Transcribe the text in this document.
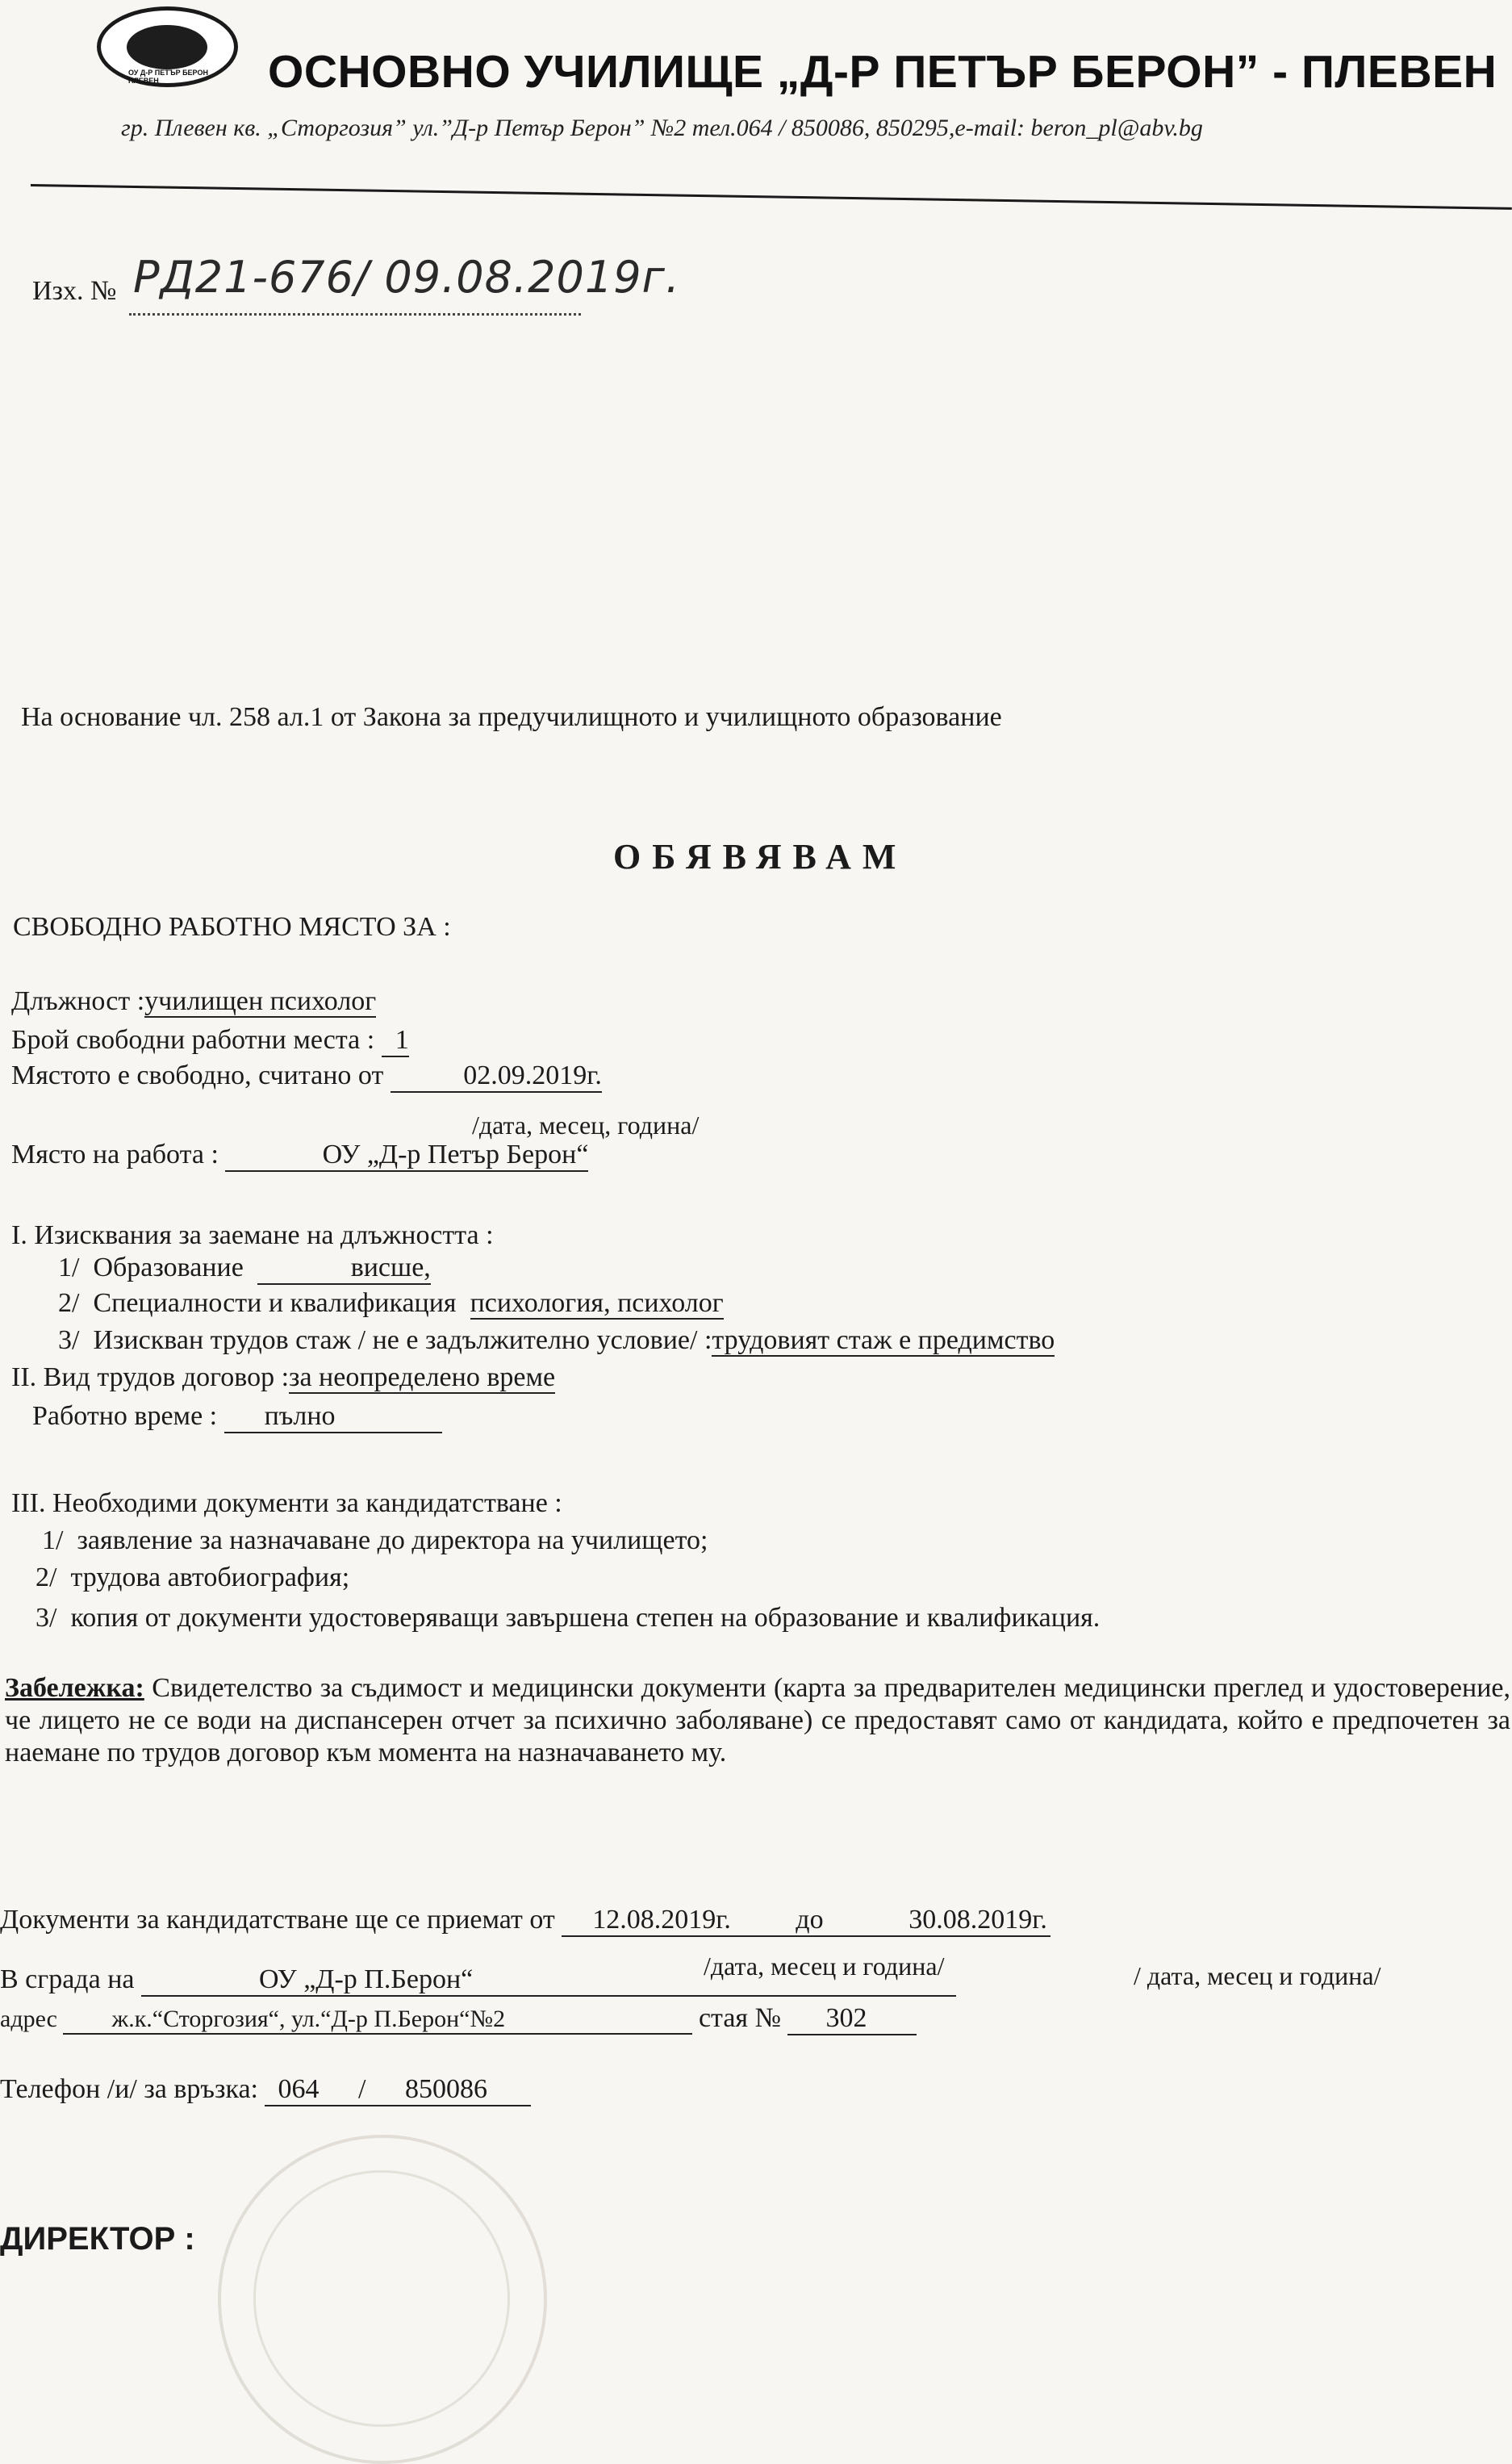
ОУ Д-Р ПЕТЪР БЕРОН ПЛЕВЕН	ОСНОВНО УЧИЛИЩЕ „Д-Р ПЕТЪР БЕРОН” - ПЛЕВЕН
гр. Плевен кв. „Сторгозия” ул.”Д-р Петър Берон” №2 тел.064 / 850086, 850295,e-mail: beron_pl@abv.bg
Изх. № РД21-676/ 09.08.2019г.
На основание чл. 258 ал.1 от Закона за предучилищното и училищното образование
ОБЯВЯВАМ
СВОБОДНО РАБОТНО МЯСТО ЗА :
Длъжност :училищен психолог
Брой свободни работни места : 1
Мястото е свободно, считано от	02.09.2019г.
/дата, месец, година/
Място на работа :	ОУ „Д-р Петър Берон“
I. Изисквания за заемане на длъжността :
1/ Образование	висше,
2/ Специалности и квалификация психология, психолог
3/ Изискван трудов стаж / не е задължително условие/ :трудовият стаж е предимство
II. Вид трудов договор :за неопределено време
Работно време : пълно
III. Необходими документи за кандидатстване :
1/ заявление за назначаване до директора на училището;
2/ трудова автобиография;
3/ копия от документи удостоверяващи завършена степен на образование и квалификация.
Забележка: Свидетелство за съдимост и медицински документи (карта за предварителен медицински преглед и удостоверение, че лицето не се води на диспансерен отчет за психично заболяване) се предоставят само от кандидата, който е предпочетен за наемане по трудов договор към момента на назначаването му.
Документи за кандидатстване ще се приемат от 12.08.2019г. до	30.08.2019г.
/дата, месец и година/	/ дата, месец и година/
В сграда на	ОУ „Д-р П.Берон“
адрес ж.к.“Сторгозия“, ул.“Д-р П.Берон“№2	стая № 302
Телефон /и/ за връзка: 064 / 850086
ДИРЕКТОР :
